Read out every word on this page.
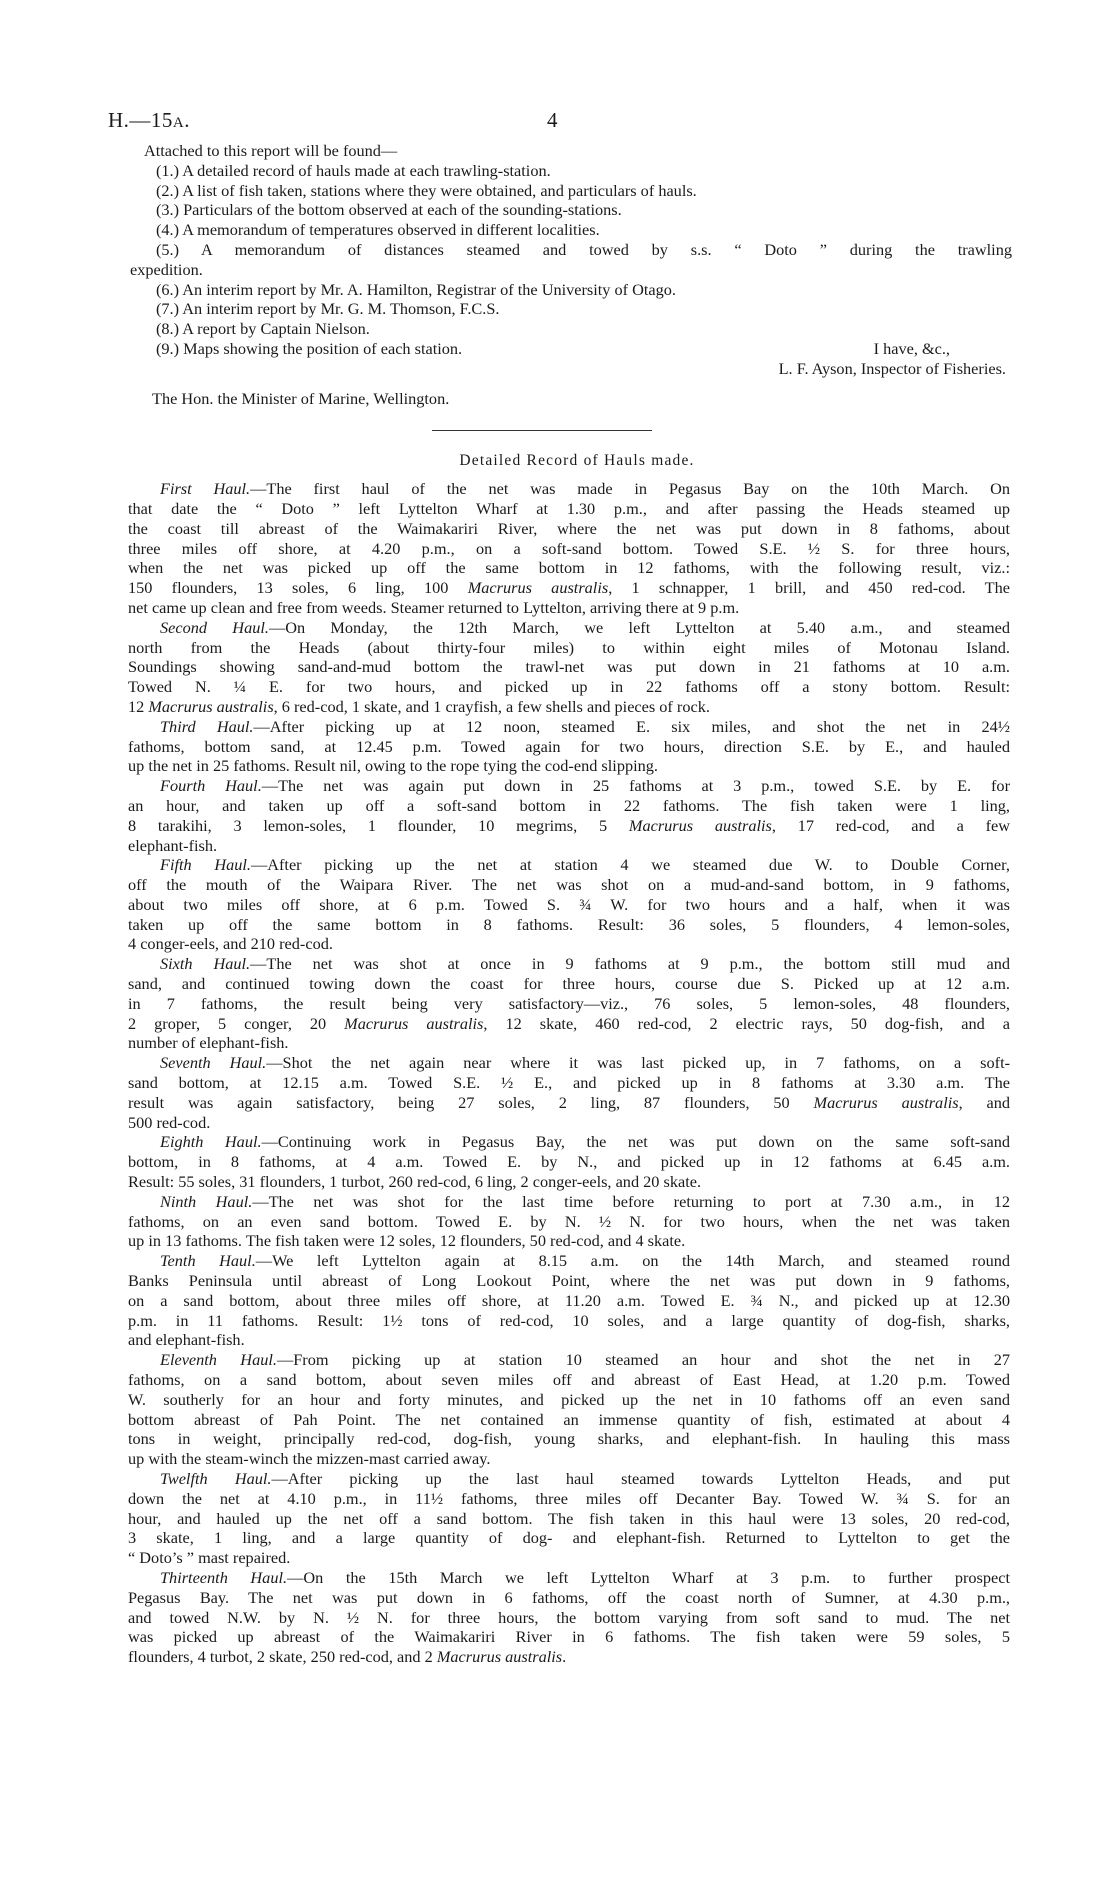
H.—15A.	4
Attached to this report will be found—
(1.) A detailed record of hauls made at each trawling-station.
(2.) A list of fish taken, stations where they were obtained, and particulars of hauls.
(3.) Particulars of the bottom observed at each of the sounding-stations.
(4.) A memorandum of temperatures observed in different localities.
(5.) A memorandum of distances steamed and towed by s.s. “ Doto ” during the trawling
expedition.
(6.) An interim report by Mr. A. Hamilton, Registrar of the University of Otago.
(7.) An interim report by Mr. G. M. Thomson, F.C.S.
(8.) A report by Captain Nielson.
(9.) Maps showing the position of each station.	I have, &c.,
L. F. Ayson, Inspector of Fisheries.
The Hon. the Minister of Marine, Wellington.
Detailed Record of Hauls made.
First Haul.—The first haul of the net was made in Pegasus Bay on the 10th March. On
that date the “ Doto ” left Lyttelton Wharf at 1.30 p.m., and after passing the Heads steamed up
the coast till abreast of the Waimakariri River, where the net was put down in 8 fathoms, about
three miles off shore, at 4.20 p.m., on a soft-sand bottom. Towed S.E. ½ S. for three hours,
when the net was picked up off the same bottom in 12 fathoms, with the following result, viz.:
150 flounders, 13 soles, 6 ling, 100 Macrurus australis, 1 schnapper, 1 brill, and 450 red-cod. The
net came up clean and free from weeds. Steamer returned to Lyttelton, arriving there at 9 p.m.
Second Haul.—On Monday, the 12th March, we left Lyttelton at 5.40 a.m., and steamed
north from the Heads (about thirty-four miles) to within eight miles of Motonau Island.
Soundings showing sand-and-mud bottom the trawl-net was put down in 21 fathoms at 10 a.m.
Towed N. ¼ E. for two hours, and picked up in 22 fathoms off a stony bottom. Result:
12 Macrurus australis, 6 red-cod, 1 skate, and 1 crayfish, a few shells and pieces of rock.
Third Haul.—After picking up at 12 noon, steamed E. six miles, and shot the net in 24½
fathoms, bottom sand, at 12.45 p.m. Towed again for two hours, direction S.E. by E., and hauled
up the net in 25 fathoms. Result nil, owing to the rope tying the cod-end slipping.
Fourth Haul.—The net was again put down in 25 fathoms at 3 p.m., towed S.E. by E. for
an hour, and taken up off a soft-sand bottom in 22 fathoms. The fish taken were 1 ling,
8 tarakihi, 3 lemon-soles, 1 flounder, 10 megrims, 5 Macrurus australis, 17 red-cod, and a few
elephant-fish.
Fifth Haul.—After picking up the net at station 4 we steamed due W. to Double Corner,
off the mouth of the Waipara River. The net was shot on a mud-and-sand bottom, in 9 fathoms,
about two miles off shore, at 6 p.m. Towed S. ¾ W. for two hours and a half, when it was
taken up off the same bottom in 8 fathoms. Result: 36 soles, 5 flounders, 4 lemon-soles,
4 conger-eels, and 210 red-cod.
Sixth Haul.—The net was shot at once in 9 fathoms at 9 p.m., the bottom still mud and
sand, and continued towing down the coast for three hours, course due S. Picked up at 12 a.m.
in 7 fathoms, the result being very satisfactory—viz., 76 soles, 5 lemon-soles, 48 flounders,
2 groper, 5 conger, 20 Macrurus australis, 12 skate, 460 red-cod, 2 electric rays, 50 dog-fish, and a
number of elephant-fish.
Seventh Haul.—Shot the net again near where it was last picked up, in 7 fathoms, on a soft-
sand bottom, at 12.15 a.m. Towed S.E. ½ E., and picked up in 8 fathoms at 3.30 a.m. The
result was again satisfactory, being 27 soles, 2 ling, 87 flounders, 50 Macrurus australis, and
500 red-cod.
Eighth Haul.—Continuing work in Pegasus Bay, the net was put down on the same soft-sand
bottom, in 8 fathoms, at 4 a.m. Towed E. by N., and picked up in 12 fathoms at 6.45 a.m.
Result: 55 soles, 31 flounders, 1 turbot, 260 red-cod, 6 ling, 2 conger-eels, and 20 skate.
Ninth Haul.—The net was shot for the last time before returning to port at 7.30 a.m., in 12
fathoms, on an even sand bottom. Towed E. by N. ½ N. for two hours, when the net was taken
up in 13 fathoms. The fish taken were 12 soles, 12 flounders, 50 red-cod, and 4 skate.
Tenth Haul.—We left Lyttelton again at 8.15 a.m. on the 14th March, and steamed round
Banks Peninsula until abreast of Long Lookout Point, where the net was put down in 9 fathoms,
on a sand bottom, about three miles off shore, at 11.20 a.m. Towed E. ¾ N., and picked up at 12.30
p.m. in 11 fathoms. Result: 1½ tons of red-cod, 10 soles, and a large quantity of dog-fish, sharks,
and elephant-fish.
Eleventh Haul.—From picking up at station 10 steamed an hour and shot the net in 27
fathoms, on a sand bottom, about seven miles off and abreast of East Head, at 1.20 p.m. Towed
W. southerly for an hour and forty minutes, and picked up the net in 10 fathoms off an even sand
bottom abreast of Pah Point. The net contained an immense quantity of fish, estimated at about 4
tons in weight, principally red-cod, dog-fish, young sharks, and elephant-fish. In hauling this mass
up with the steam-winch the mizzen-mast carried away.
Twelfth Haul.—After picking up the last haul steamed towards Lyttelton Heads, and put
down the net at 4.10 p.m., in 11½ fathoms, three miles off Decanter Bay. Towed W. ¾ S. for an
hour, and hauled up the net off a sand bottom. The fish taken in this haul were 13 soles, 20 red-cod,
3 skate, 1 ling, and a large quantity of dog- and elephant-fish. Returned to Lyttelton to get the
“ Doto’s ” mast repaired.
Thirteenth Haul.—On the 15th March we left Lyttelton Wharf at 3 p.m. to further prospect
Pegasus Bay. The net was put down in 6 fathoms, off the coast north of Sumner, at 4.30 p.m.,
and towed N.W. by N. ½ N. for three hours, the bottom varying from soft sand to mud. The net
was picked up abreast of the Waimakariri River in 6 fathoms. The fish taken were 59 soles, 5
flounders, 4 turbot, 2 skate, 250 red-cod, and 2 Macrurus australis.
